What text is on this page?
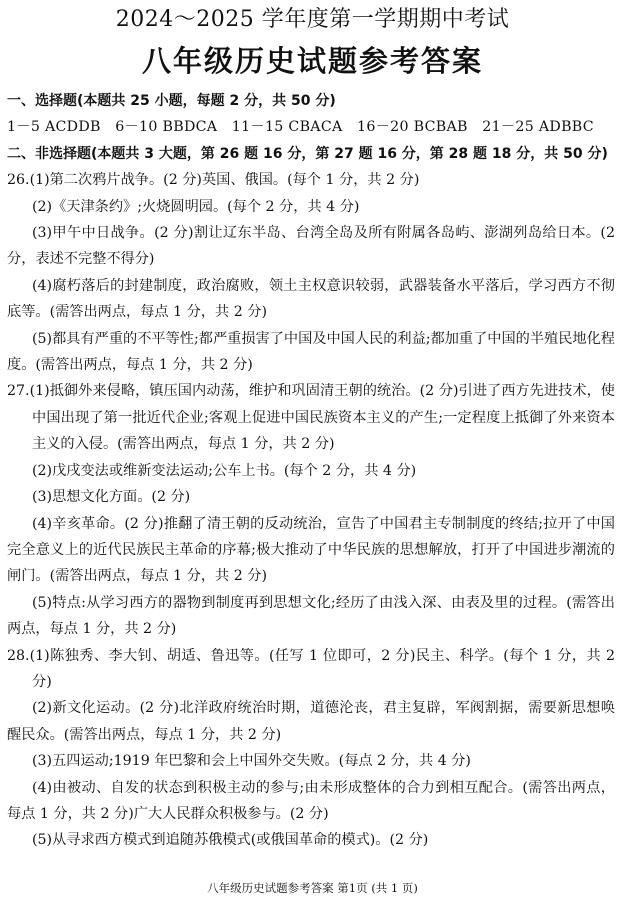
2024～2025 学年度第一学期期中考试
八年级历史试题参考答案

一、选择题(本题共 25 小题，每题 2 分，共 50 分)

1－5 ACDDB　6－10 BBDCA　11－15 CBACA　16－20 BCBAB　21－25 ADBBC

二、非选择题(本题共 3 大题，第 26 题 16 分，第 27 题 16 分，第 28 题 18 分，共 50 分)

26.(1)第二次鸦片战争。(2 分)英国、俄国。(每个 1 分，共 2 分)

(2)《天津条约》;火烧圆明园。(每个 2 分，共 4 分)

(3)甲午中日战争。(2 分)割让辽东半岛、台湾全岛及所有附属各岛屿、澎湖列岛给日本。(2 分，表述不完整不得分)

(4)腐朽落后的封建制度，政治腐败，领土主权意识较弱，武器装备水平落后，学习西方不彻底等。(需答出两点，每点 1 分，共 2 分)

(5)都具有严重的不平等性;都严重损害了中国及中国人民的利益;都加重了中国的半殖民地化程度。(需答出两点，每点 1 分，共 2 分)

27.(1)抵御外来侵略，镇压国内动荡，维护和巩固清王朝的统治。(2 分)引进了西方先进技术，使中国出现了第一批近代企业;客观上促进中国民族资本主义的产生;一定程度上抵御了外来资本主义的入侵。(需答出两点，每点 1 分，共 2 分)

(2)戊戌变法或维新变法运动;公车上书。(每个 2 分，共 4 分)

(3)思想文化方面。(2 分)

(4)辛亥革命。(2 分)推翻了清王朝的反动统治，宣告了中国君主专制制度的终结;拉开了中国完全意义上的近代民族民主革命的序幕;极大推动了中华民族的思想解放，打开了中国进步潮流的闸门。(需答出两点，每点 1 分，共 2 分)

(5)特点:从学习西方的器物到制度再到思想文化;经历了由浅入深、由表及里的过程。(需答出两点，每点 1 分，共 2 分)

28.(1)陈独秀、李大钊、胡适、鲁迅等。(任写 1 位即可，2 分)民主、科学。(每个 1 分，共 2 分)

(2)新文化运动。(2 分)北洋政府统治时期，道德沦丧，君主复辟，军阀割据，需要新思想唤醒民众。(需答出两点，每点 1 分，共 2 分)

(3)五四运动;1919 年巴黎和会上中国外交失败。(每点 2 分，共 4 分)

(4)由被动、自发的状态到积极主动的参与;由未形成整体的合力到相互配合。(需答出两点，每点 1 分，共 2 分)广大人民群众积极参与。(2 分)

(5)从寻求西方模式到追随苏俄模式(或俄国革命的模式)。(2 分)

八年级历史试题参考答案 第1页 (共 1 页)
